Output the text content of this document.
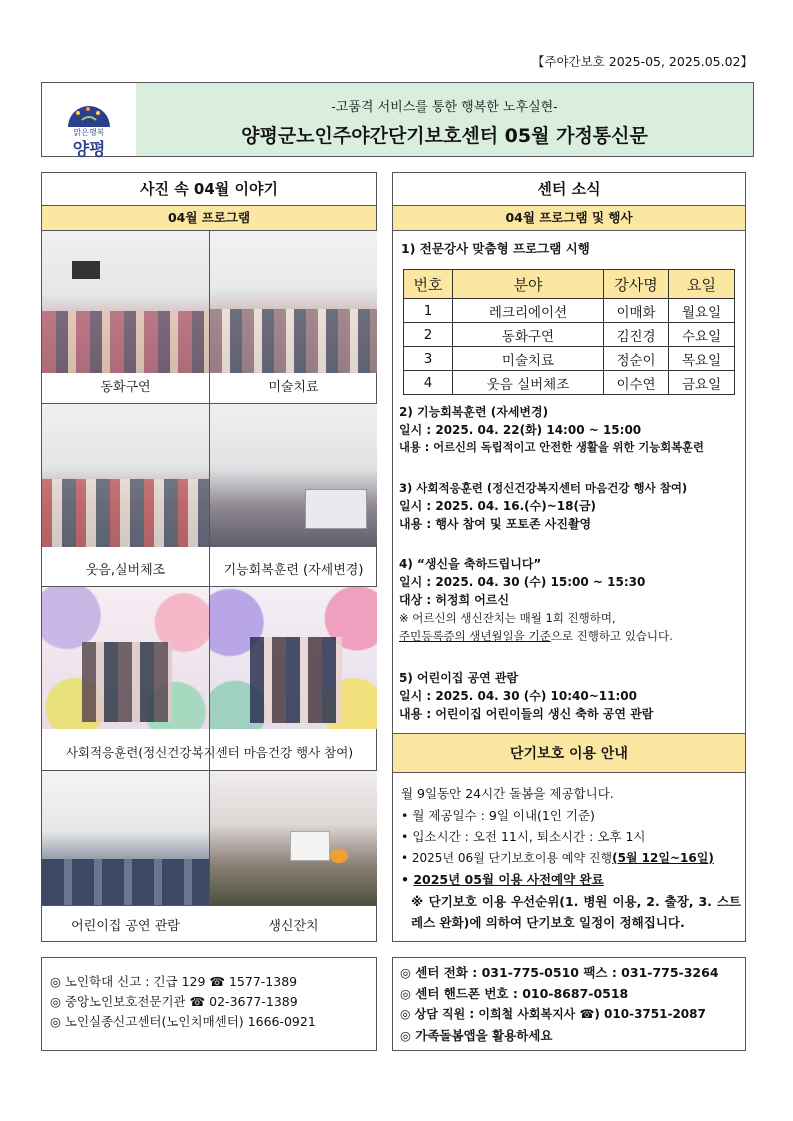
【주야간보호 2025-05, 2025.05.02】
맑은행복
양평
-고품격 서비스를 통한 행복한 노후실현-
양평군노인주야간단기보호센터 05월 가정통신문
사진 속 04월 이야기
04월 프로그램
동화구연	미술치료
웃음,실버체조	기능회복훈련 (자세변경)
사회적응훈련(정신건강복지센터 마음건강 행사 참여)
어린이집 공연 관람	생신잔치
센터 소식
04월 프로그램 및 행사
1) 전문강사 맞춤형 프로그램 시행
번호	분야	강사명	요일
1	레크리에이션	이매화	월요일
2	동화구연	김진경	수요일
3	미술치료	정순이	목요일
4	웃음 실버체조	이수연	금요일
2) 기능회복훈련 (자세변경)
일시 : 2025. 04. 22(화) 14:00 ~ 15:00
내용 : 어르신의 독립적이고 안전한 생활을 위한 기능회복훈련
3) 사회적응훈련 (정신건강복지센터 마음건강 행사 참여)
일시 : 2025. 04. 16.(수)~18(금)
내용 : 행사 참여 및 포토존 사진촬영
4) “생신을 축하드립니다”
일시 : 2025. 04. 30 (수) 15:00 ~ 15:30
대상 : 허정희 어르신
※ 어르신의 생신잔치는 매월 1회 진행하며,
주민등록증의 생년월일을 기준으로 진행하고 있습니다.
5) 어린이집 공연 관람
일시 : 2025. 04. 30 (수) 10:40~11:00
내용 : 어린이집 어린이들의 생신 축하 공연 관람
단기보호 이용 안내
월 9일동안 24시간 돌봄을 제공합니다.
• 월 제공일수 : 9일 이내(1인 기준)
• 입소시간 : 오전 11시, 퇴소시간 : 오후 1시
• 2025년 06월 단기보호이용 예약 진행(5월 12일~16일)
• 2025년 05월 이용 사전예약 완료
※ 단기보호 이용 우선순위(1. 병원 이용, 2. 출장, 3. 스트레스 완화)에 의하여 단기보호 일정이 정해집니다.
◎ 노인학대 신고 : 긴급 129 ☎ 1577-1389
◎ 중앙노인보호전문기관 ☎ 02-3677-1389
◎ 노인실종신고센터(노인치매센터) 1666-0921
◎ 센터 전화 : 031-775-0510 팩스 : 031-775-3264
◎ 센터 핸드폰 번호 : 010-8687-0518
◎ 상담 직원 : 이희철 사회복지사 ☎) 010-3751-2087
◎ 가족돌봄앱을 활용하세요
